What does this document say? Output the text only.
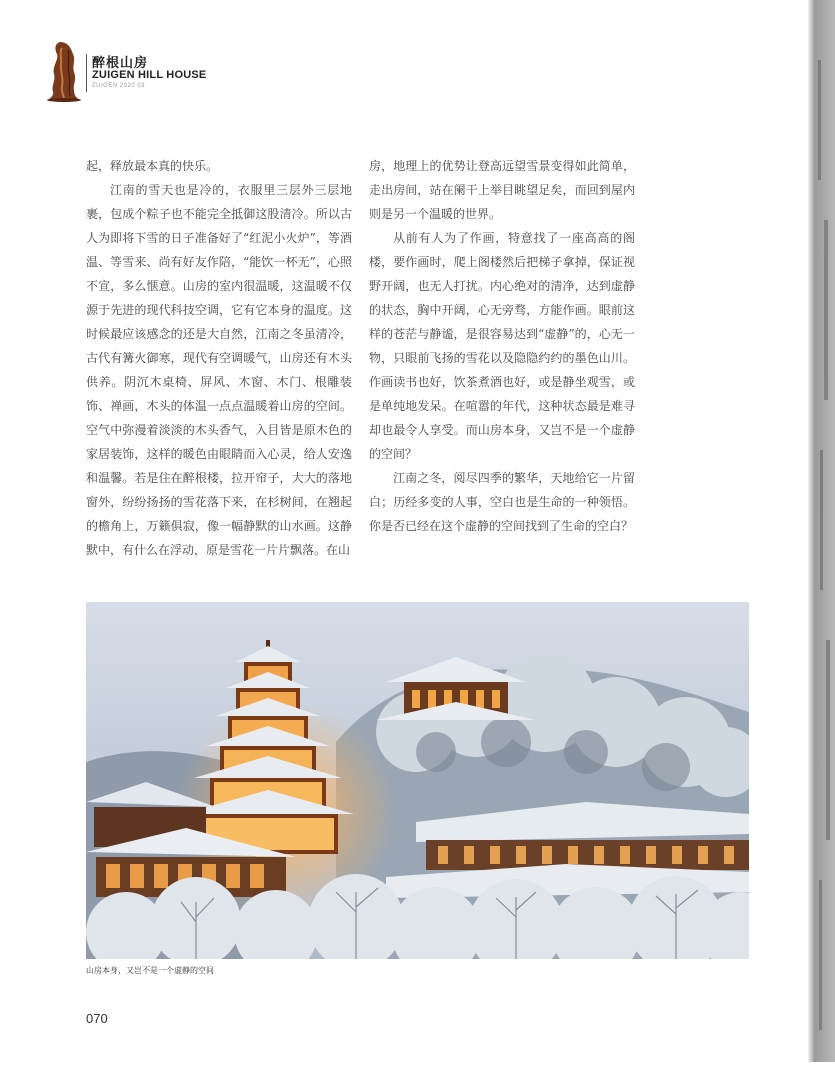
醉根山房
ZUIGEN HILL HOUSE
ZUIGEN 2020 03

起，释放最本真的快乐。

江南的雪天也是冷的，衣服里三层外三层地裹，包成个粽子也不能完全抵御这股清冷。所以古人为即将下雪的日子准备好了“红泥小火炉”，等酒温、等雪来、尚有好友作陪，“能饮一杯无”，心照不宣，多么惬意。山房的室内很温暖，这温暖不仅源于先进的现代科技空调，它有它本身的温度。这时候最应该感念的还是大自然，江南之冬虽清冷，古代有篝火御寒，现代有空调暖气，山房还有木头供养。阴沉木桌椅、屏风、木窗、木门、根雕装饰、禅画，木头的体温一点点温暖着山房的空间。空气中弥漫着淡淡的木头香气，入目皆是原木色的家居装饰，这样的暖色由眼睛而入心灵，给人安逸和温馨。若是住在醉根楼，拉开帘子，大大的落地窗外，纷纷扬扬的雪花落下来，在杉树间，在翘起的檐角上，万籁俱寂，像一幅静默的山水画。这静默中，有什么在浮动，原是雪花一片片飘落。在山

房，地理上的优势让登高远望雪景变得如此简单，走出房间，站在阑干上举目眺望足矣，而回到屋内则是另一个温暖的世界。

从前有人为了作画，特意找了一座高高的阁楼，要作画时，爬上阁楼然后把梯子拿掉，保证视野开阔，也无人打扰。内心绝对的清净，达到虚静的状态，胸中开阔，心无旁骛，方能作画。眼前这样的苍茫与静谧，是很容易达到“虚静”的，心无一物，只眼前飞扬的雪花以及隐隐约约的墨色山川。作画读书也好，饮茶煮酒也好，或是静坐观雪，或是单纯地发呆。在喧嚣的年代，这种状态最是难寻却也最令人享受。而山房本身，又岂不是一个虚静的空间？

江南之冬，阅尽四季的繁华，天地给它一片留白；历经多变的人事，空白也是生命的一种领悟。你是否已经在这个虚静的空间找到了生命的空白？

山房本身，又岂不是一个虚静的空间
070
